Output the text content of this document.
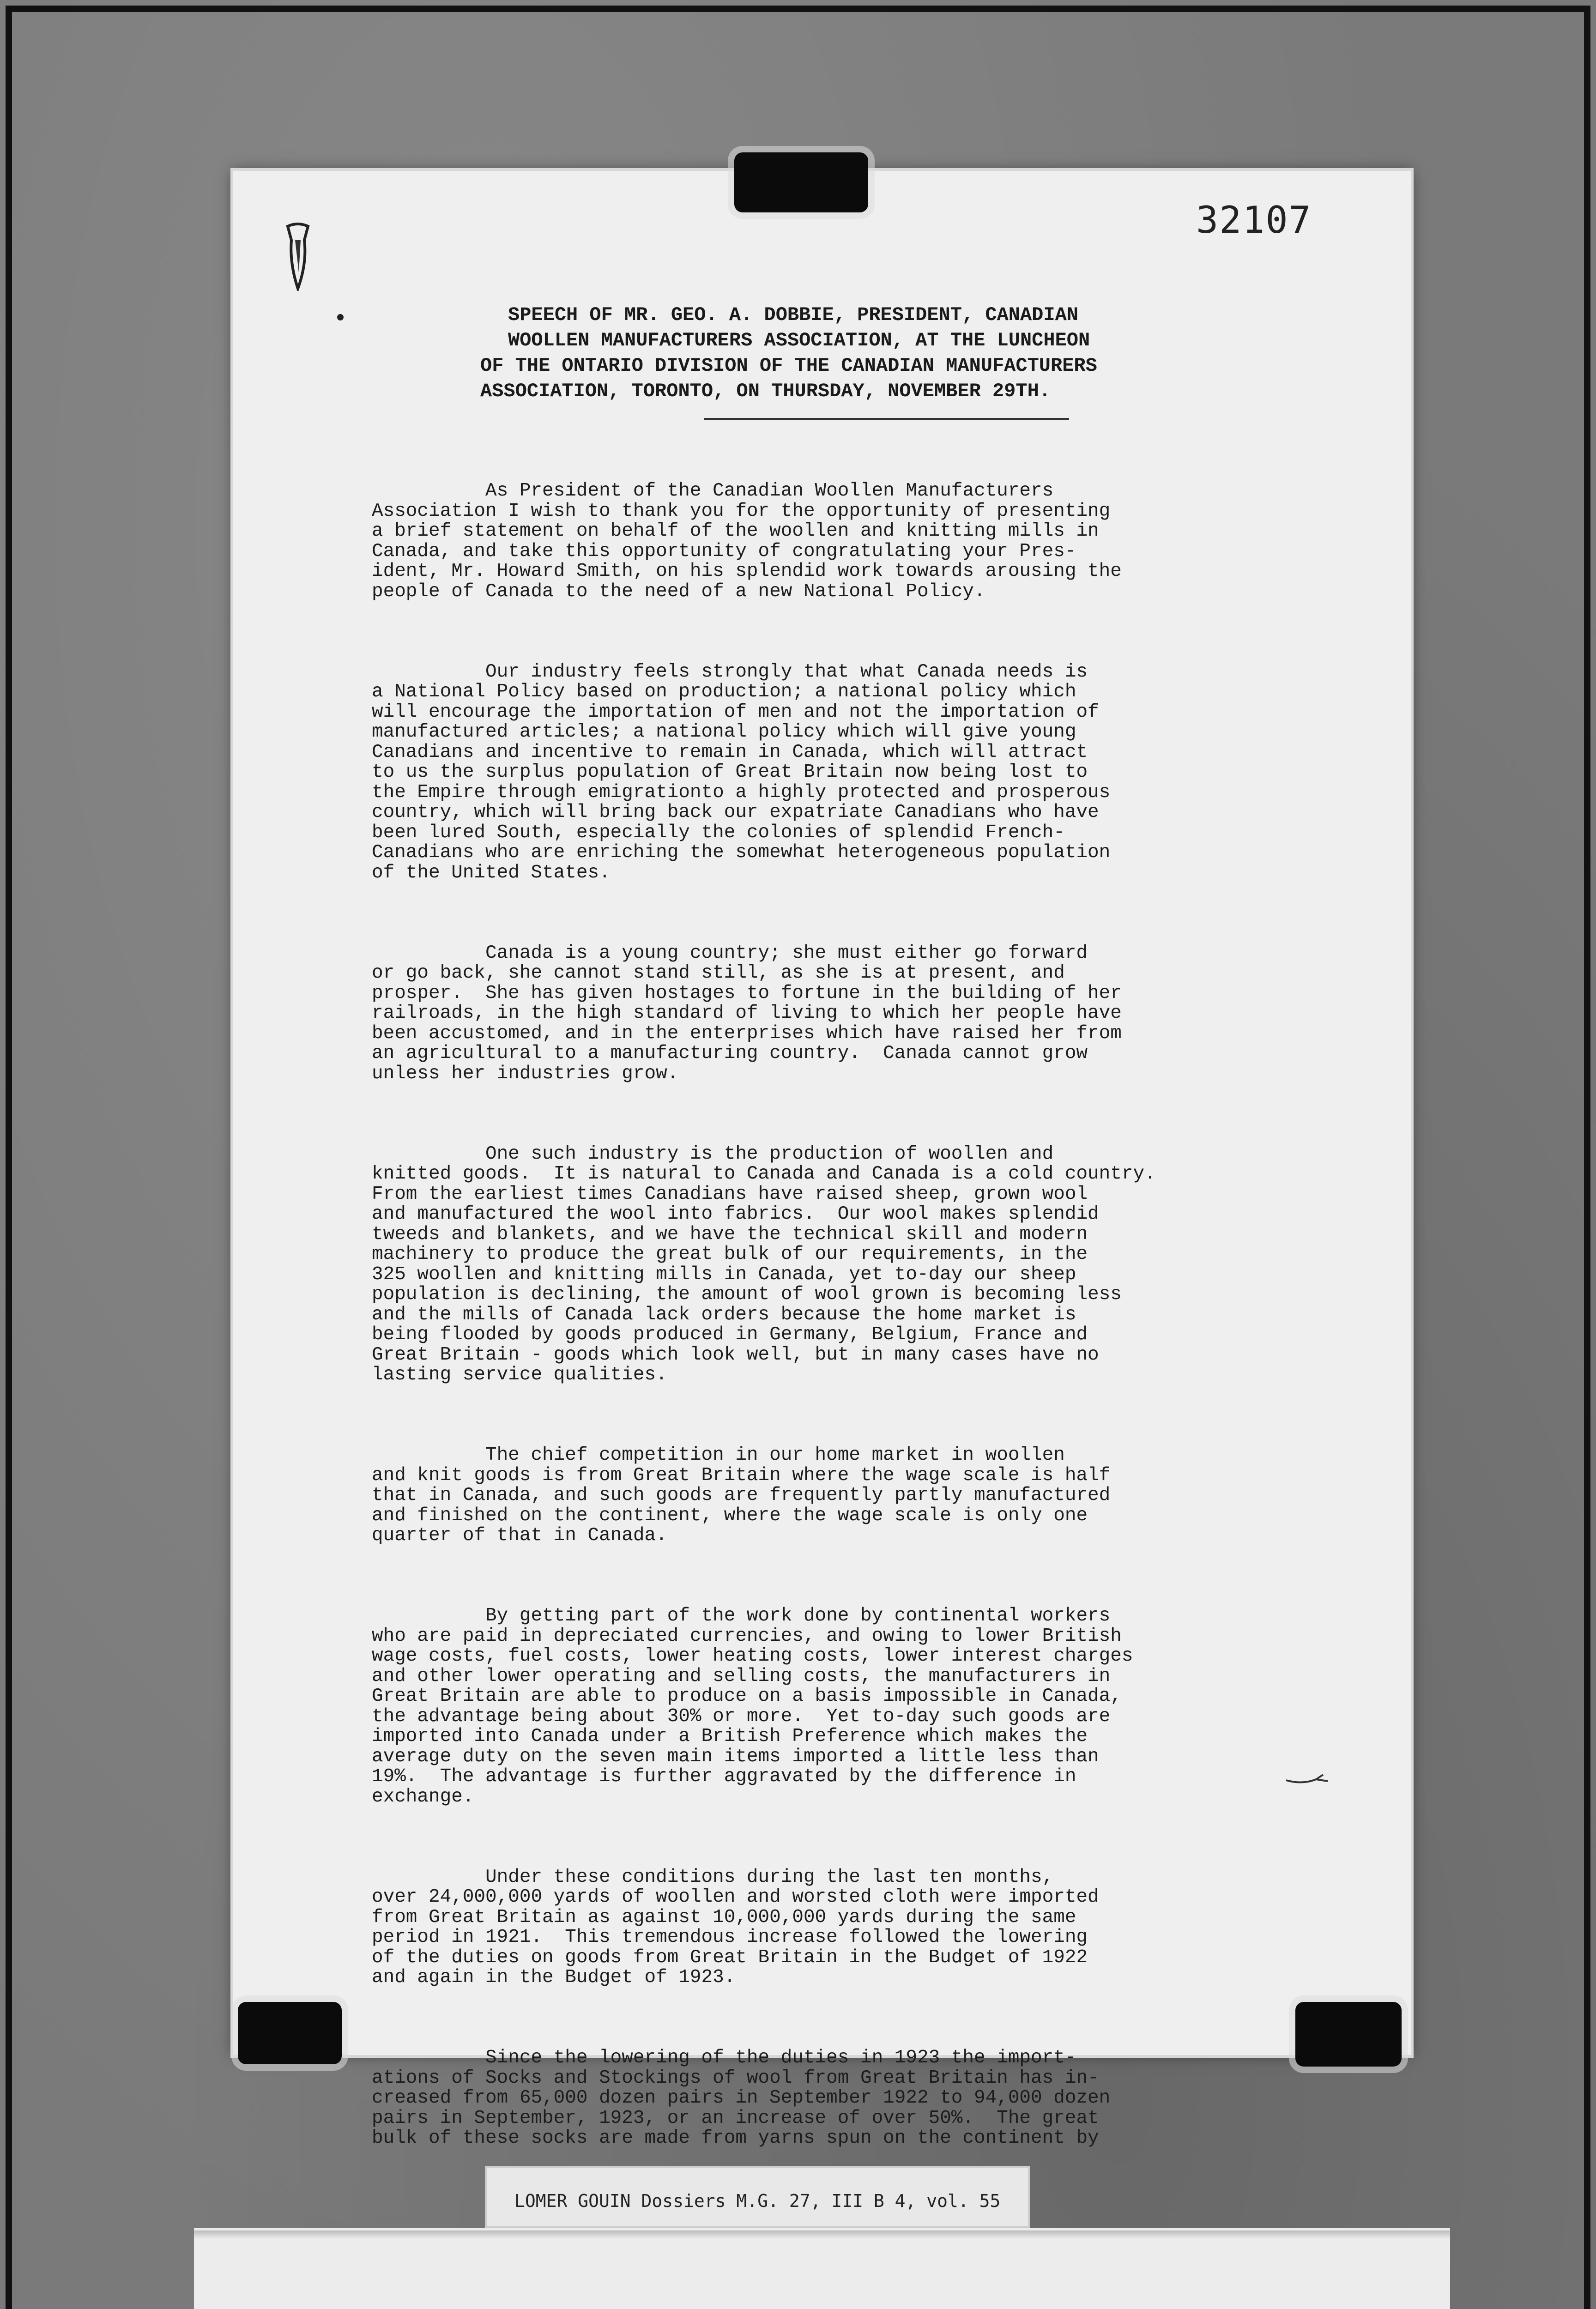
32107
SPEECH OF MR. GEO. A. DOBBIE, PRESIDENT, CANADIAN
WOOLLEN MANUFACTURERS ASSOCIATION, AT THE LUNCHEON
OF THE ONTARIO DIVISION OF THE CANADIAN MANUFACTURERS
ASSOCIATION, TORONTO, ON THURSDAY, NOVEMBER 29TH.

As President of the Canadian Woollen Manufacturers
Association I wish to thank you for the opportunity of presenting
a brief statement on behalf of the woollen and knitting mills in
Canada, and take this opportunity of congratulating your Pres-
ident, Mr. Howard Smith, on his splendid work towards arousing the
people of Canada to the need of a new National Policy.

Our industry feels strongly that what Canada needs is
a National Policy based on production; a national policy which
will encourage the importation of men and not the importation of
manufactured articles; a national policy which will give young
Canadians and incentive to remain in Canada, which will attract
to us the surplus population of Great Britain now being lost to
the Empire through emigrationto a highly protected and prosperous
country, which will bring back our expatriate Canadians who have
been lured South, especially the colonies of splendid French-
Canadians who are enriching the somewhat heterogeneous population
of the United States.

Canada is a young country; she must either go forward
or go back, she cannot stand still, as she is at present, and
prosper.  She has given hostages to fortune in the building of her
railroads, in the high standard of living to which her people have
been accustomed, and in the enterprises which have raised her from
an agricultural to a manufacturing country.  Canada cannot grow
unless her industries grow.

One such industry is the production of woollen and
knitted goods.  It is natural to Canada and Canada is a cold country.
From the earliest times Canadians have raised sheep, grown wool
and manufactured the wool into fabrics.  Our wool makes splendid
tweeds and blankets, and we have the technical skill and modern
machinery to produce the great bulk of our requirements, in the
325 woollen and knitting mills in Canada, yet to-day our sheep
population is declining, the amount of wool grown is becoming less
and the mills of Canada lack orders because the home market is
being flooded by goods produced in Germany, Belgium, France and
Great Britain - goods which look well, but in many cases have no
lasting service qualities.

The chief competition in our home market in woollen
and knit goods is from Great Britain where the wage scale is half
that in Canada, and such goods are frequently partly manufactured
and finished on the continent, where the wage scale is only one
quarter of that in Canada.

By getting part of the work done by continental workers
who are paid in depreciated currencies, and owing to lower British
wage costs, fuel costs, lower heating costs, lower interest charges
and other lower operating and selling costs, the manufacturers in
Great Britain are able to produce on a basis impossible in Canada,
the advantage being about 30% or more.  Yet to-day such goods are
imported into Canada under a British Preference which makes the
average duty on the seven main items imported a little less than
19%.  The advantage is further aggravated by the difference in
exchange.

Under these conditions during the last ten months,
over 24,000,000 yards of woollen and worsted cloth were imported
from Great Britain as against 10,000,000 yards during the same
period in 1921.  This tremendous increase followed the lowering
of the duties on goods from Great Britain in the Budget of 1922
and again in the Budget of 1923.

Since the lowering of the duties in 1923 the import-
ations of Socks and Stockings of wool from Great Britain has in-
creased from 65,000 dozen pairs in September 1922 to 94,000 dozen
pairs in September, 1923, or an increase of over 50%.  The great
bulk of these socks are made from yarns spun on the continent by

LOMER GOUIN Dossiers M.G. 27, III B 4, vol. 55
